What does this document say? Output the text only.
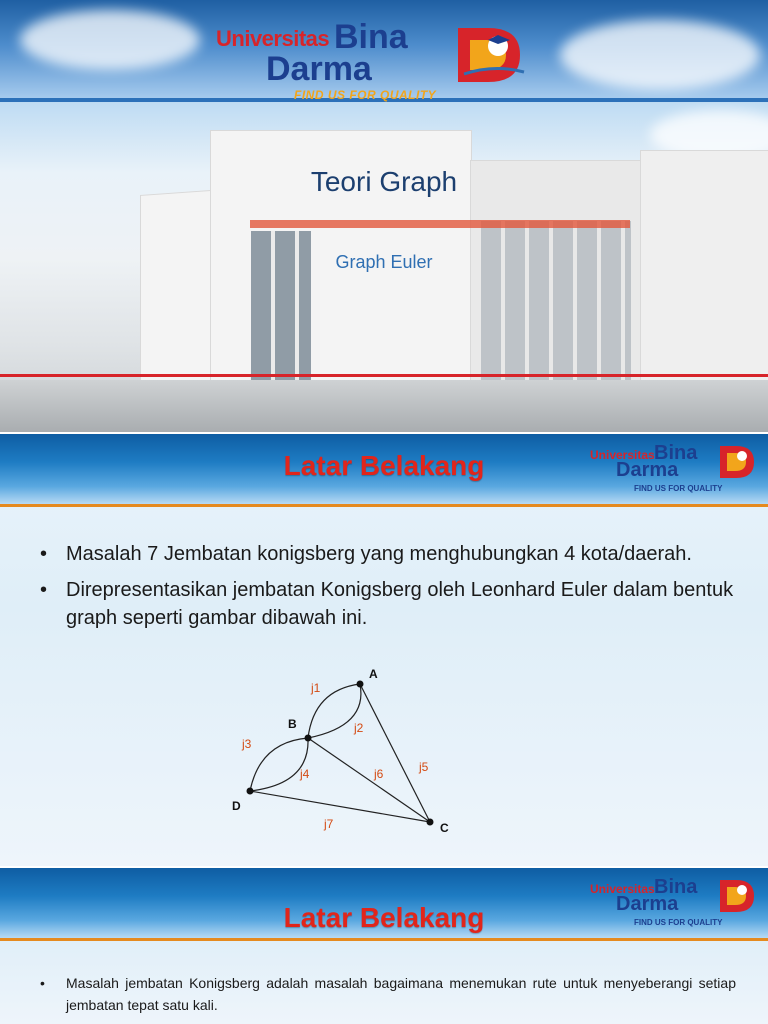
Universitas Bina
Darma
FIND US FOR QUALITY
Teori Graph
Graph Euler
Latar Belakang	Universitas Bina
Darma
FIND US FOR QUALITY
• Masalah 7 Jembatan konigsberg yang menghubungkan 4 kota/daerah.
• Direpresentasikan jembatan Konigsberg oleh Leonhard Euler dalam bentuk graph seperti gambar dibawah ini.
A
B
C
D
j1
j2
j3
j4	j5
j6
j7
Latar Belakang
Universitas Bina
Darma
FIND US FOR QUALITY
• Masalah jembatan Konigsberg adalah masalah bagaimana menemukan rute untuk menyeberangi setiap jembatan tepat satu kali.
